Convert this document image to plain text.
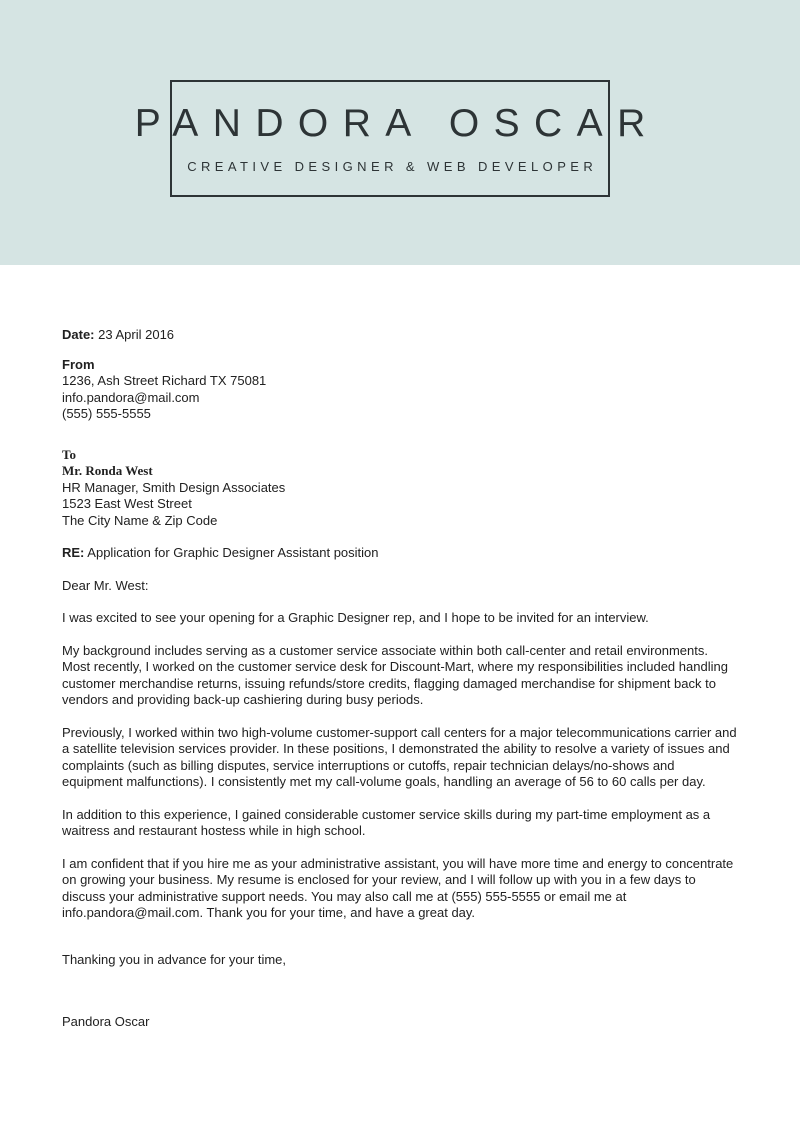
PANDORA OSCAR
CREATIVE DESIGNER & WEB DEVELOPER

Date: 23 April 2016

From

1236, Ash Street Richard TX 75081

info.pandora@mail.com

(555) 555-5555

To

Mr. Ronda West

HR Manager, Smith Design Associates

1523 East West Street

The City Name & Zip Code

RE: Application for Graphic Designer Assistant position

Dear Mr. West:

I was excited to see your opening for a Graphic Designer rep, and I hope to be invited for an interview.

My background includes serving as a customer service associate within both call-center and retail environments. Most recently, I worked on the customer service desk for Discount-Mart, where my responsibilities included handling customer merchandise returns, issuing refunds/store credits, flagging damaged merchandise for shipment back to vendors and providing back-up cashiering during busy periods.

Previously, I worked within two high-volume customer-support call centers for a major telecommunications carrier and a satellite television services provider. In these positions, I demonstrated the ability to resolve a variety of issues and complaints (such as billing disputes, service interruptions or cutoffs, repair technician delays/no-shows and equipment malfunctions). I consistently met my call-volume goals, handling an average of 56 to 60 calls per day.

In addition to this experience, I gained considerable customer service skills during my part-time employment as a waitress and restaurant hostess while in high school.

I am confident that if you hire me as your administrative assistant, you will have more time and energy to concentrate on growing your business. My resume is enclosed for your review, and I will follow up with you in a few days to discuss your administrative support needs. You may also call me at (555) 555-5555 or email me at info.pandora@mail.com. Thank you for your time, and have a great day.

Thanking you in advance for your time,

Pandora Oscar
